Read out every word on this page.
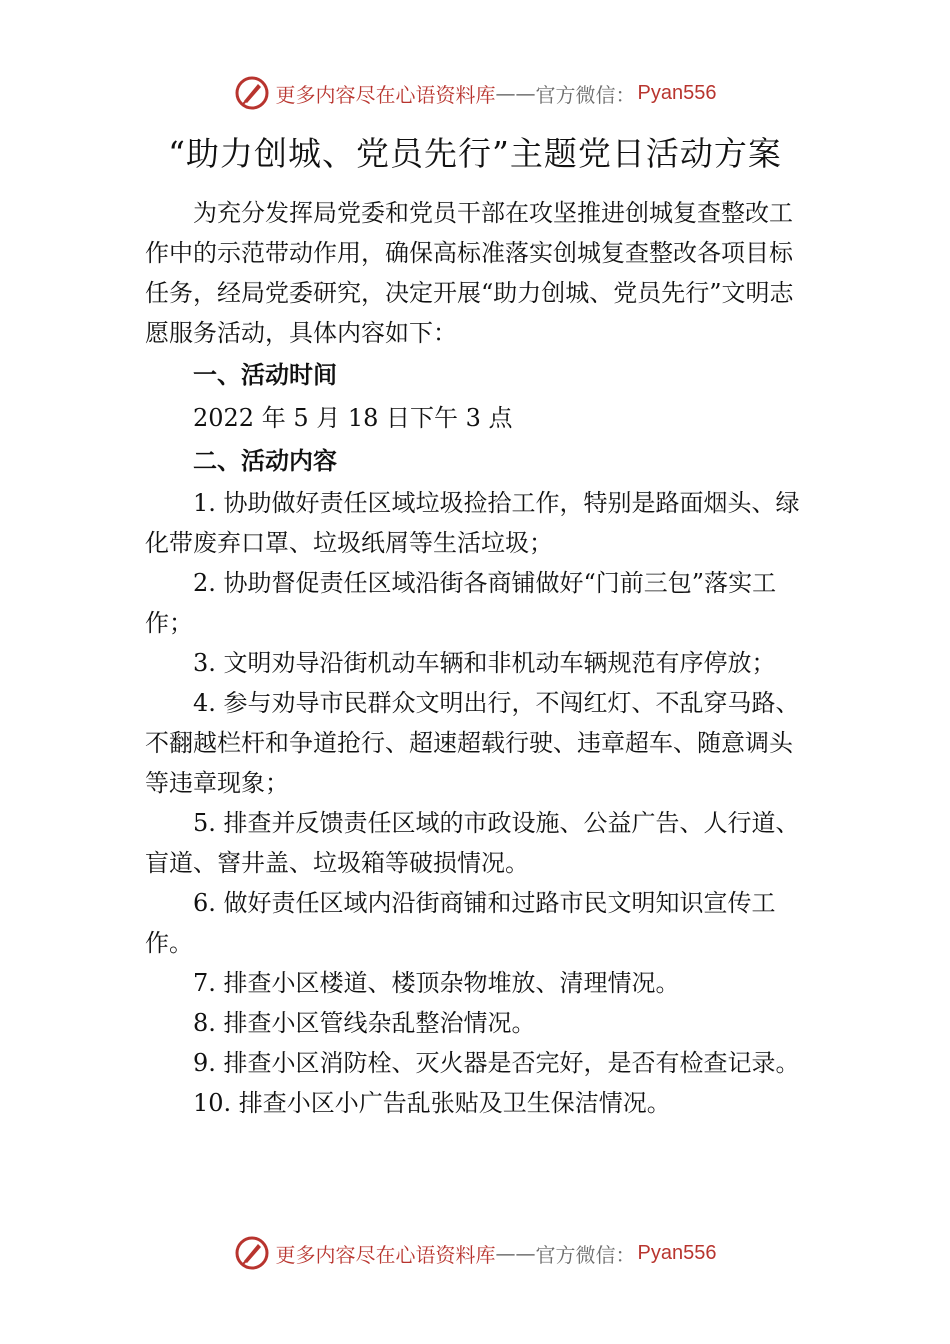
更多内容尽在心语资料库 —— 官方微信： Pyan556
“助力创城、党员先行”主题党日活动方案

为充分发挥局党委和党员干部在攻坚推进创城复查整改工作中的示范带动作用，确保高标准落实创城复查整改各项目标任务，经局党委研究，决定开展“助力创城、党员先行”文明志愿服务活动，具体内容如下：

一、活动时间

2022 年 5 月 18 日下午 3 点

二、活动内容

1. 协助做好责任区域垃圾捡拾工作，特别是路面烟头、绿化带废弃口罩、垃圾纸屑等生活垃圾；

2. 协助督促责任区域沿街各商铺做好“门前三包”落实工作；

3. 文明劝导沿街机动车辆和非机动车辆规范有序停放；

4. 参与劝导市民群众文明出行，不闯红灯、不乱穿马路、不翻越栏杆和争道抢行、超速超载行驶、违章超车、随意调头等违章现象；

5. 排查并反馈责任区域的市政设施、公益广告、人行道、盲道、窨井盖、垃圾箱等破损情况。

6. 做好责任区域内沿街商铺和过路市民文明知识宣传工作。

7. 排查小区楼道、楼顶杂物堆放、清理情况。

8. 排查小区管线杂乱整治情况。

9. 排查小区消防栓、灭火器是否完好，是否有检查记录。

10. 排查小区小广告乱张贴及卫生保洁情况。

更多内容尽在心语资料库 —— 官方微信： Pyan556
